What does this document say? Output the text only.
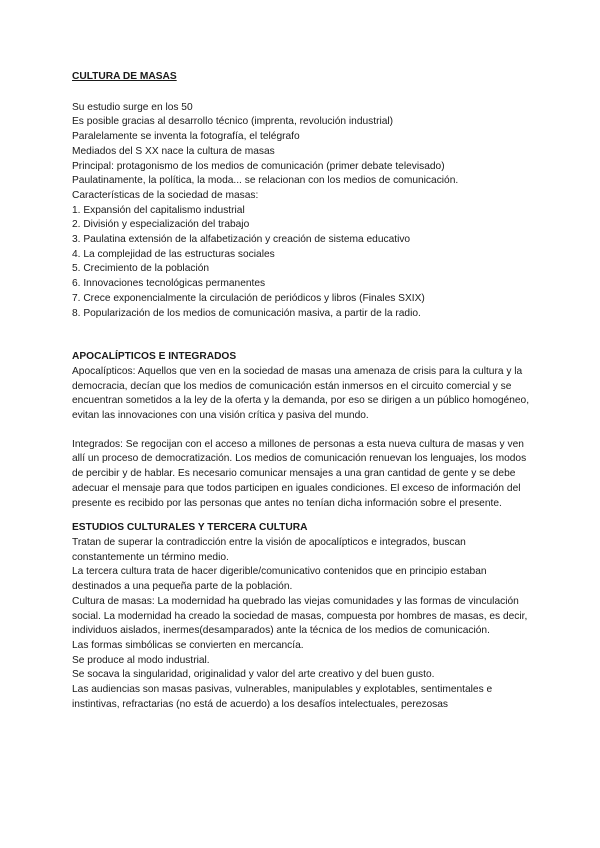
CULTURA DE MASAS
Su estudio surge en los 50
Es posible gracias al desarrollo técnico (imprenta, revolución industrial)
Paralelamente se inventa la fotografía, el telégrafo
Mediados del S XX nace la cultura de masas
Principal: protagonismo de los medios de comunicación (primer debate televisado)
Paulatinamente, la política, la moda... se relacionan con los medios de comunicación.
Características de la sociedad de masas:
1. Expansión del capitalismo industrial
2. División y especialización del trabajo
3. Paulatina extensión de la alfabetización y creación de sistema educativo
4. La complejidad de las estructuras sociales
5. Crecimiento de la población
6. Innovaciones tecnológicas permanentes
7. Crece exponencialmente la circulación de periódicos y libros (Finales SXIX)
8. Popularización de los medios de comunicación masiva, a partir de la radio.
APOCALÍPTICOS E INTEGRADOS

Apocalípticos: Aquellos que ven en la sociedad de masas una amenaza de crisis para la cultura y la democracia, decían que los medios de comunicación están inmersos en el circuito comercial y se encuentran sometidos a la ley de la oferta y la demanda, por eso se dirigen a un público homogéneo, evitan las innovaciones con una visión crítica y pasiva del mundo.

Integrados: Se regocijan con el acceso a millones de personas a esta nueva cultura de masas y ven allí un proceso de democratización. Los medios de comunicación renuevan los lenguajes, los modos de percibir y de hablar. Es necesario comunicar mensajes a una gran cantidad de gente y se debe adecuar el mensaje para que todos participen en iguales condiciones. El exceso de información del presente es recibido por las personas que antes no tenían dicha información sobre el presente.

ESTUDIOS CULTURALES Y TERCERA CULTURA

Tratan de superar la contradicción entre la visión de apocalípticos e integrados, buscan constantemente un término medio.

La tercera cultura trata de hacer digerible/comunicativo contenidos que en principio estaban destinados a una pequeña parte de la población.

Cultura de masas: La modernidad ha quebrado las viejas comunidades y las formas de vinculación social. La modernidad ha creado la sociedad de masas, compuesta por hombres de masas, es decir, individuos aislados, inermes(desamparados) ante la técnica de los medios de comunicación.

Las formas simbólicas se convierten en mercancía.

Se produce al modo industrial.

Se socava la singularidad, originalidad y valor del arte creativo y del buen gusto.

Las audiencias son masas pasivas, vulnerables, manipulables y explotables, sentimentales e instintivas, refractarias (no está de acuerdo) a los desafíos intelectuales, perezosas
